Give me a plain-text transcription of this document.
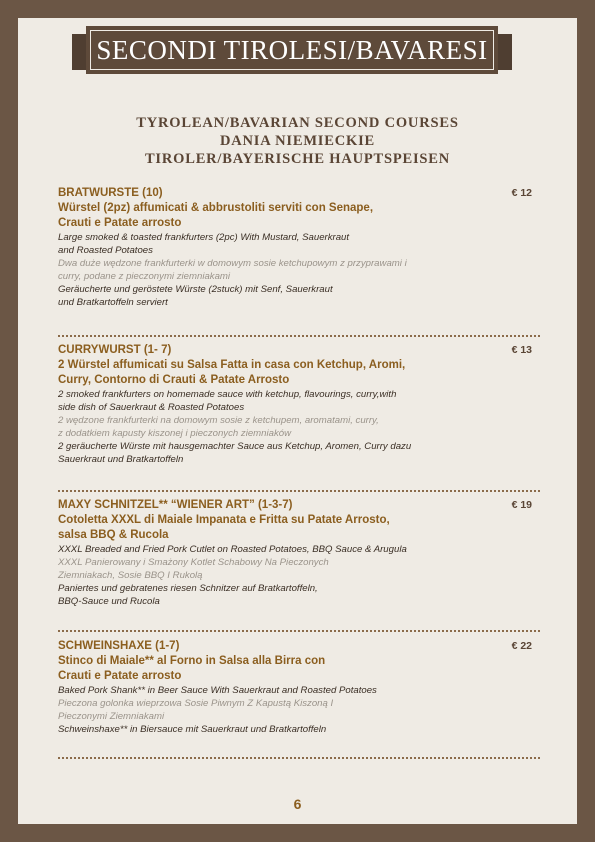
SECONDI TIROLESI/BAVARESI
TYROLEAN/BAVARIAN SECOND COURSES
DANIA NIEMIECKIE
TIROLER/BAYERISCHE HAUPTSPEISEN
BRATWURSTE (10)	€ 12
Würstel (2pz) affumicati & abbrustoliti serviti con Senape,
Crauti e Patate arrosto
Large smoked & toasted frankfurters (2pc) With Mustard, Sauerkraut
and Roasted Potatoes
Dwa duże wędzone frankfurterki w domowym sosie ketchupowym z przyprawami i
curry, podane z pieczonymi ziemniakami
Geräucherte und geröstete Würste (2stuck) mit Senf, Sauerkraut
und Bratkartoffeln serviert
CURRYWURST (1- 7)	€ 13
2 Würstel affumicati su Salsa Fatta in casa con Ketchup, Aromi,
Curry, Contorno di Crauti & Patate Arrosto
2 smoked frankfurters on homemade sauce with ketchup, flavourings, curry,with
side dish of Sauerkraut & Roasted Potatoes
2 wędzone frankfurterki na domowym sosie z ketchupem, aromatami, curry,
z dodatkiem kapusty kiszonej i pieczonych ziemniaków
2 geräucherte Würste mit hausgemachter Sauce aus Ketchup, Aromen, Curry dazu
Sauerkraut und Bratkartoffeln
MAXY SCHNITZEL** “WIENER ART” (1-3-7)	€ 19
Cotoletta XXXL di Maiale Impanata e Fritta su Patate Arrosto,
salsa BBQ & Rucola
XXXL Breaded and Fried Pork Cutlet on Roasted Potatoes, BBQ Sauce & Arugula
XXXL Panierowany i Smażony Kotlet Schabowy Na Pieczonych
Ziemniakach, Sosie BBQ I Rukolą
Paniertes und gebratenes riesen Schnitzer auf Bratkartoffeln,
BBQ-Sauce und Rucola
SCHWEINSHAXE (1-7)	€ 22
Stinco di Maiale** al Forno in Salsa alla Birra con
Crauti e Patate arrosto
Baked Pork Shank** in Beer Sauce With Sauerkraut and Roasted Potatoes
Pieczona golonka wieprzowa Sosie Piwnym Z Kapustą Kiszoną I
Pieczonymi Ziemniakami
Schweinshaxe** in Biersauce mit Sauerkraut und Bratkartoffeln
6
